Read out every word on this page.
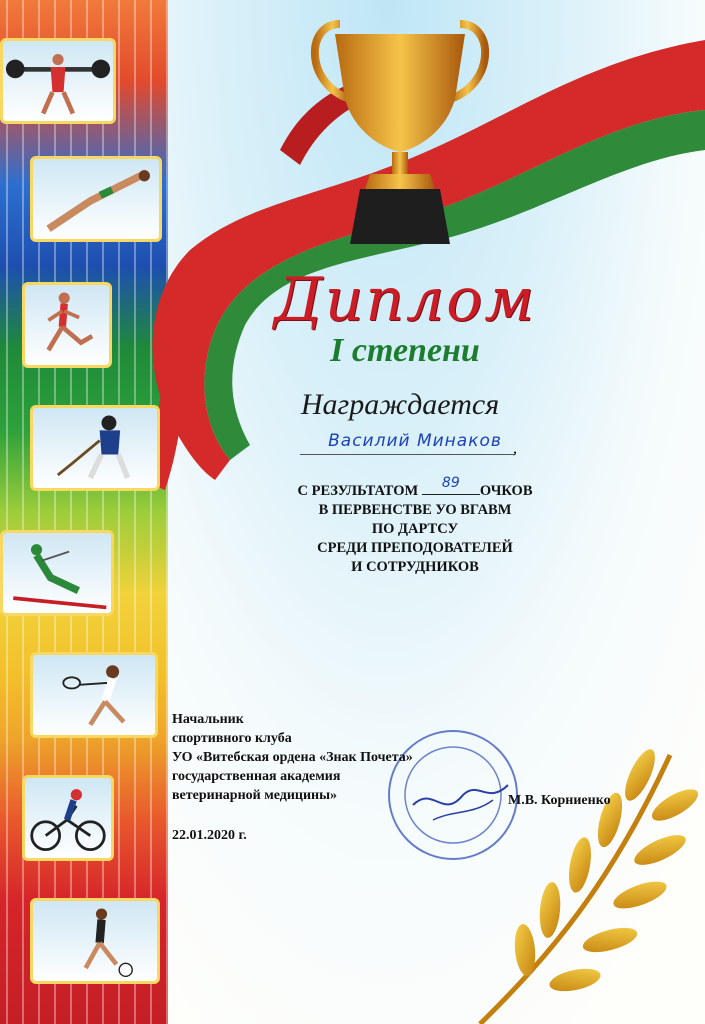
Диплом
I степени
Награждается
Василий Минаков ,
С РЕЗУЛЬТАТОМ	89	ОЧКОВ
В ПЕРВЕНСТВЕ УО ВГАВМ
ПО ДАРТСУ
СРЕДИ ПРЕПОДОВАТЕЛЕЙ
И СОТРУДНИКОВ
Начальник
спортивного клуба
УО «Витебская ордена «Знак Почета»
государственная академия
ветеринарной медицины»	М.В. Корниенко
22.01.2020 г.
